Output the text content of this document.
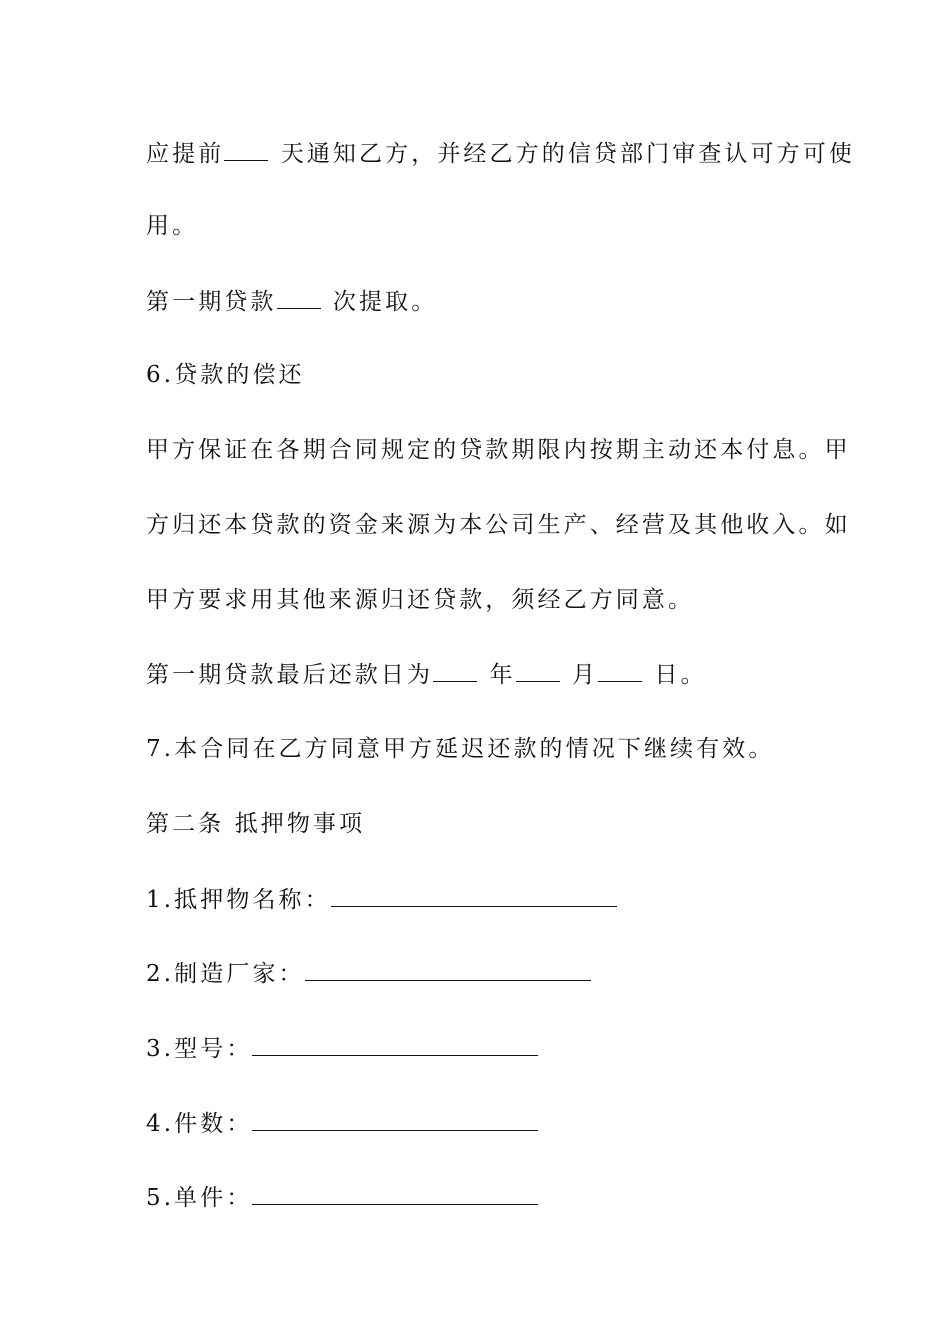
应提前 天通知乙方，并经乙方的信贷部门审查认可方可使
用。
第一期贷款 次提取。
6.贷款的偿还
甲方保证在各期合同规定的贷款期限内按期主动还本付息。甲
方归还本贷款的资金来源为本公司生产、经营及其他收入。如
甲方要求用其他来源归还贷款，须经乙方同意。
第一期贷款最后还款日为 年 月 日。
7.本合同在乙方同意甲方延迟还款的情况下继续有效。
第二条 抵押物事项
1.抵押物名称：
2.制造厂家：
3.型号：
4.件数：
5.单件：
